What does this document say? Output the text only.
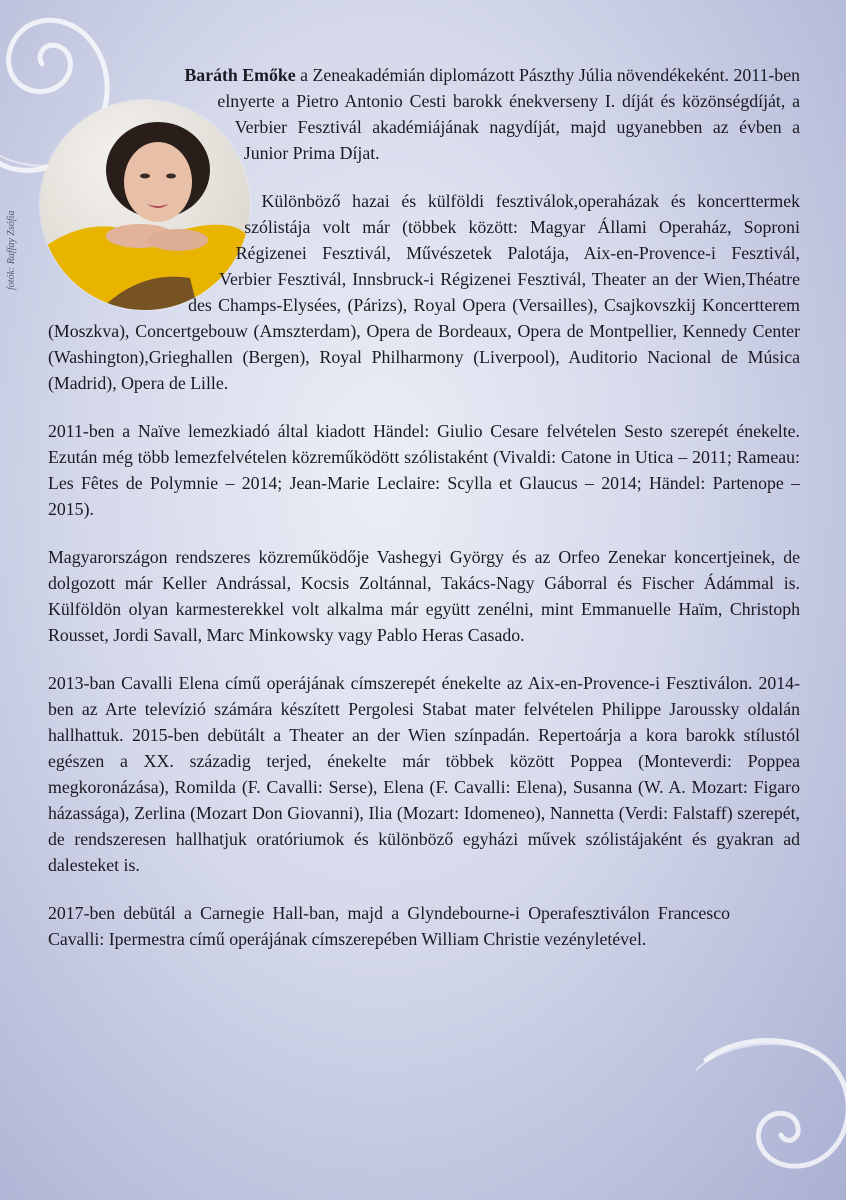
fotók: Raffay Zsófia

Baráth Emőke a Zeneakadémián diplomázott Pászthy Júlia növendékeként. 2011-ben elnyerte a Pietro Antonio Cesti barokk énekverseny I. díját és közönségdíját, a Verbier Fesztivál akadémiájának nagydíját, majd ugyanebben az évben a Junior Prima Díjat.

Különböző hazai és külföldi fesztiválok,operaházak és koncerttermek szólistája volt már (többek között: Magyar Állami Operaház, Soproni Régizenei Fesztivál, Művészetek Palotája, Aix-en-Provence-i Fesztivál, Verbier Fesztivál, Innsbruck-i Régizenei Fesztivál, Theater an der Wien,Théatre des Champs-Elysées, (Párizs), Royal Opera (Versailles), Csajkovszkij Koncertterem (Moszkva), Concertgebouw (Amszterdam), Opera de Bordeaux, Opera de Montpellier, Kennedy Center (Washington),Grieghallen (Bergen), Royal Philharmony (Liverpool), Auditorio Nacional de Música (Madrid), Opera de Lille.

2011-ben a Naïve lemezkiadó által kiadott Händel: Giulio Cesare felvételen Sesto szerepét énekelte. Ezután még több lemezfelvételen közreműködött szólistaként (Vivaldi: Catone in Utica – 2011; Rameau: Les Fêtes de Polymnie – 2014; Jean-Marie Leclaire: Scylla et Glaucus – 2014; Händel: Partenope – 2015).

Magyarországon rendszeres közreműködője Vashegyi György és az Orfeo Zenekar koncertjeinek, de dolgozott már Keller Andrással, Kocsis Zoltánnal, Takács-Nagy Gáborral és Fischer Ádámmal is. Külföldön olyan karmesterekkel volt alkalma már együtt zenélni, mint Emmanuelle Haïm, Christoph Rousset, Jordi Savall, Marc Minkowsky vagy Pablo Heras Casado.

2013-ban Cavalli Elena című operájának címszerepét énekelte az Aix-en-Provence-i Fesztiválon. 2014-ben az Arte televízió számára készített Pergolesi Stabat mater felvételen Philippe Jaroussky oldalán hallhattuk. 2015-ben debütált a Theater an der Wien színpadán. Repertoárja a kora barokk stílustól egészen a XX. századig terjed, énekelte már többek között Poppea (Monteverdi: Poppea megkoronázása), Romilda (F. Cavalli: Serse), Elena (F. Cavalli: Elena), Susanna (W. A. Mozart: Figaro házassága), Zerlina (Mozart Don Giovanni), Ilia (Mozart: Idomeneo), Nannetta (Verdi: Falstaff) szerepét, de rendszeresen hallhatjuk oratóriumok és különböző egyházi művek szólistájaként és gyakran ad dalesteket is.

2017-ben debütál a Carnegie Hall-ban, majd a Glyndebourne-i Operafesztiválon Francesco Cavalli: Ipermestra című operájának címszerepében William Christie vezényletével.
